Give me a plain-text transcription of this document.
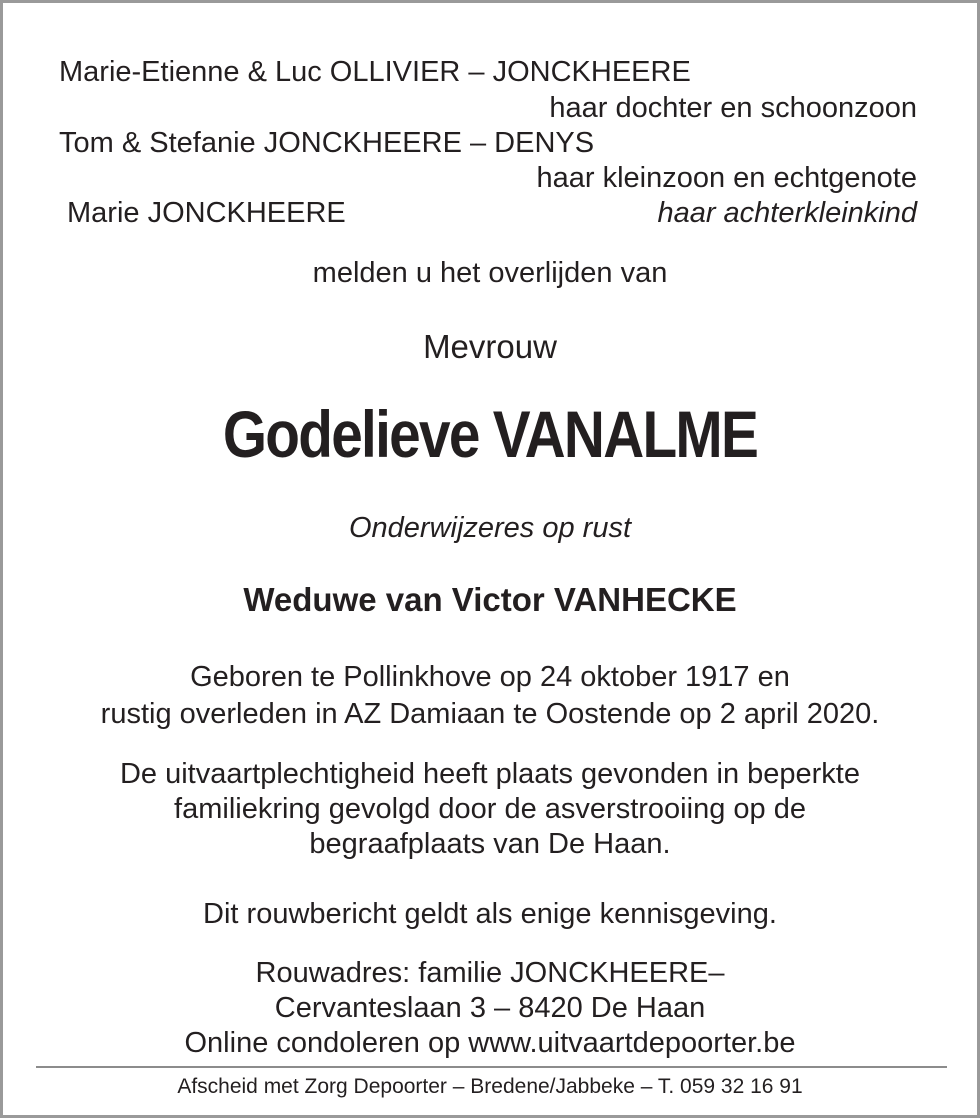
Marie-Etienne & Luc OLLIVIER – JONCKHEERE
haar dochter en schoonzoon
Tom & Stefanie JONCKHEERE – DENYS
haar kleinzoon en echtgenote
Marie JONCKHEERE	haar achterkleinkind
melden u het overlijden van
Mevrouw
Godelieve VANALME
Onderwijzeres op rust
Weduwe van Victor VANHECKE
Geboren te Pollinkhove op 24 oktober 1917 en
rustig overleden in AZ Damiaan te Oostende op 2 april 2020.
De uitvaartplechtigheid heeft plaats gevonden in beperkte
familiekring gevolgd door de asverstrooiing op de
begraafplaats van De Haan.
Dit rouwbericht geldt als enige kennisgeving.
Rouwadres: familie JONCKHEERE–
Cervanteslaan 3 – 8420 De Haan
Online condoleren op www.uitvaartdepoorter.be
Afscheid met Zorg Depoorter – Bredene/Jabbeke – T. 059 32 16 91
